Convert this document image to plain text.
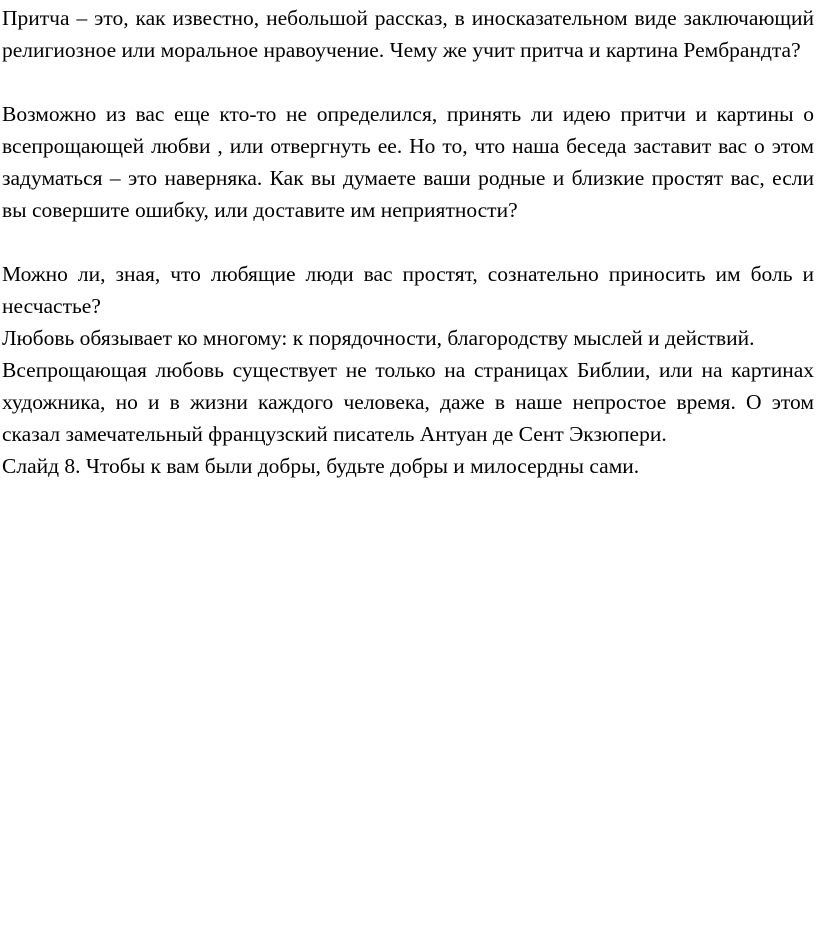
Притча – это, как известно, небольшой рассказ, в иносказательном виде заключающий религиозное или моральное нравоучение. Чему же учит притча и картина Рембрандта?

Возможно из вас еще кто-то не определился, принять ли идею притчи и картины о всепрощающей любви , или отвергнуть ее. Но то, что наша беседа заставит вас о этом задуматься – это наверняка. Как вы думаете ваши родные и близкие простят вас, если вы совершите ошибку, или доставите им неприятности?

Можно ли, зная, что любящие люди вас простят, сознательно приносить им боль и несчастье?

Любовь обязывает ко многому: к порядочности, благородству мыслей и действий.

Всепрощающая любовь существует не только на страницах Библии, или на картинах художника, но и в жизни каждого человека, даже в наше непростое время. О этом сказал замечательный французский писатель Антуан де Сент Экзюпери.

Слайд 8. Чтобы к вам были добры, будьте добры и милосердны сами.
